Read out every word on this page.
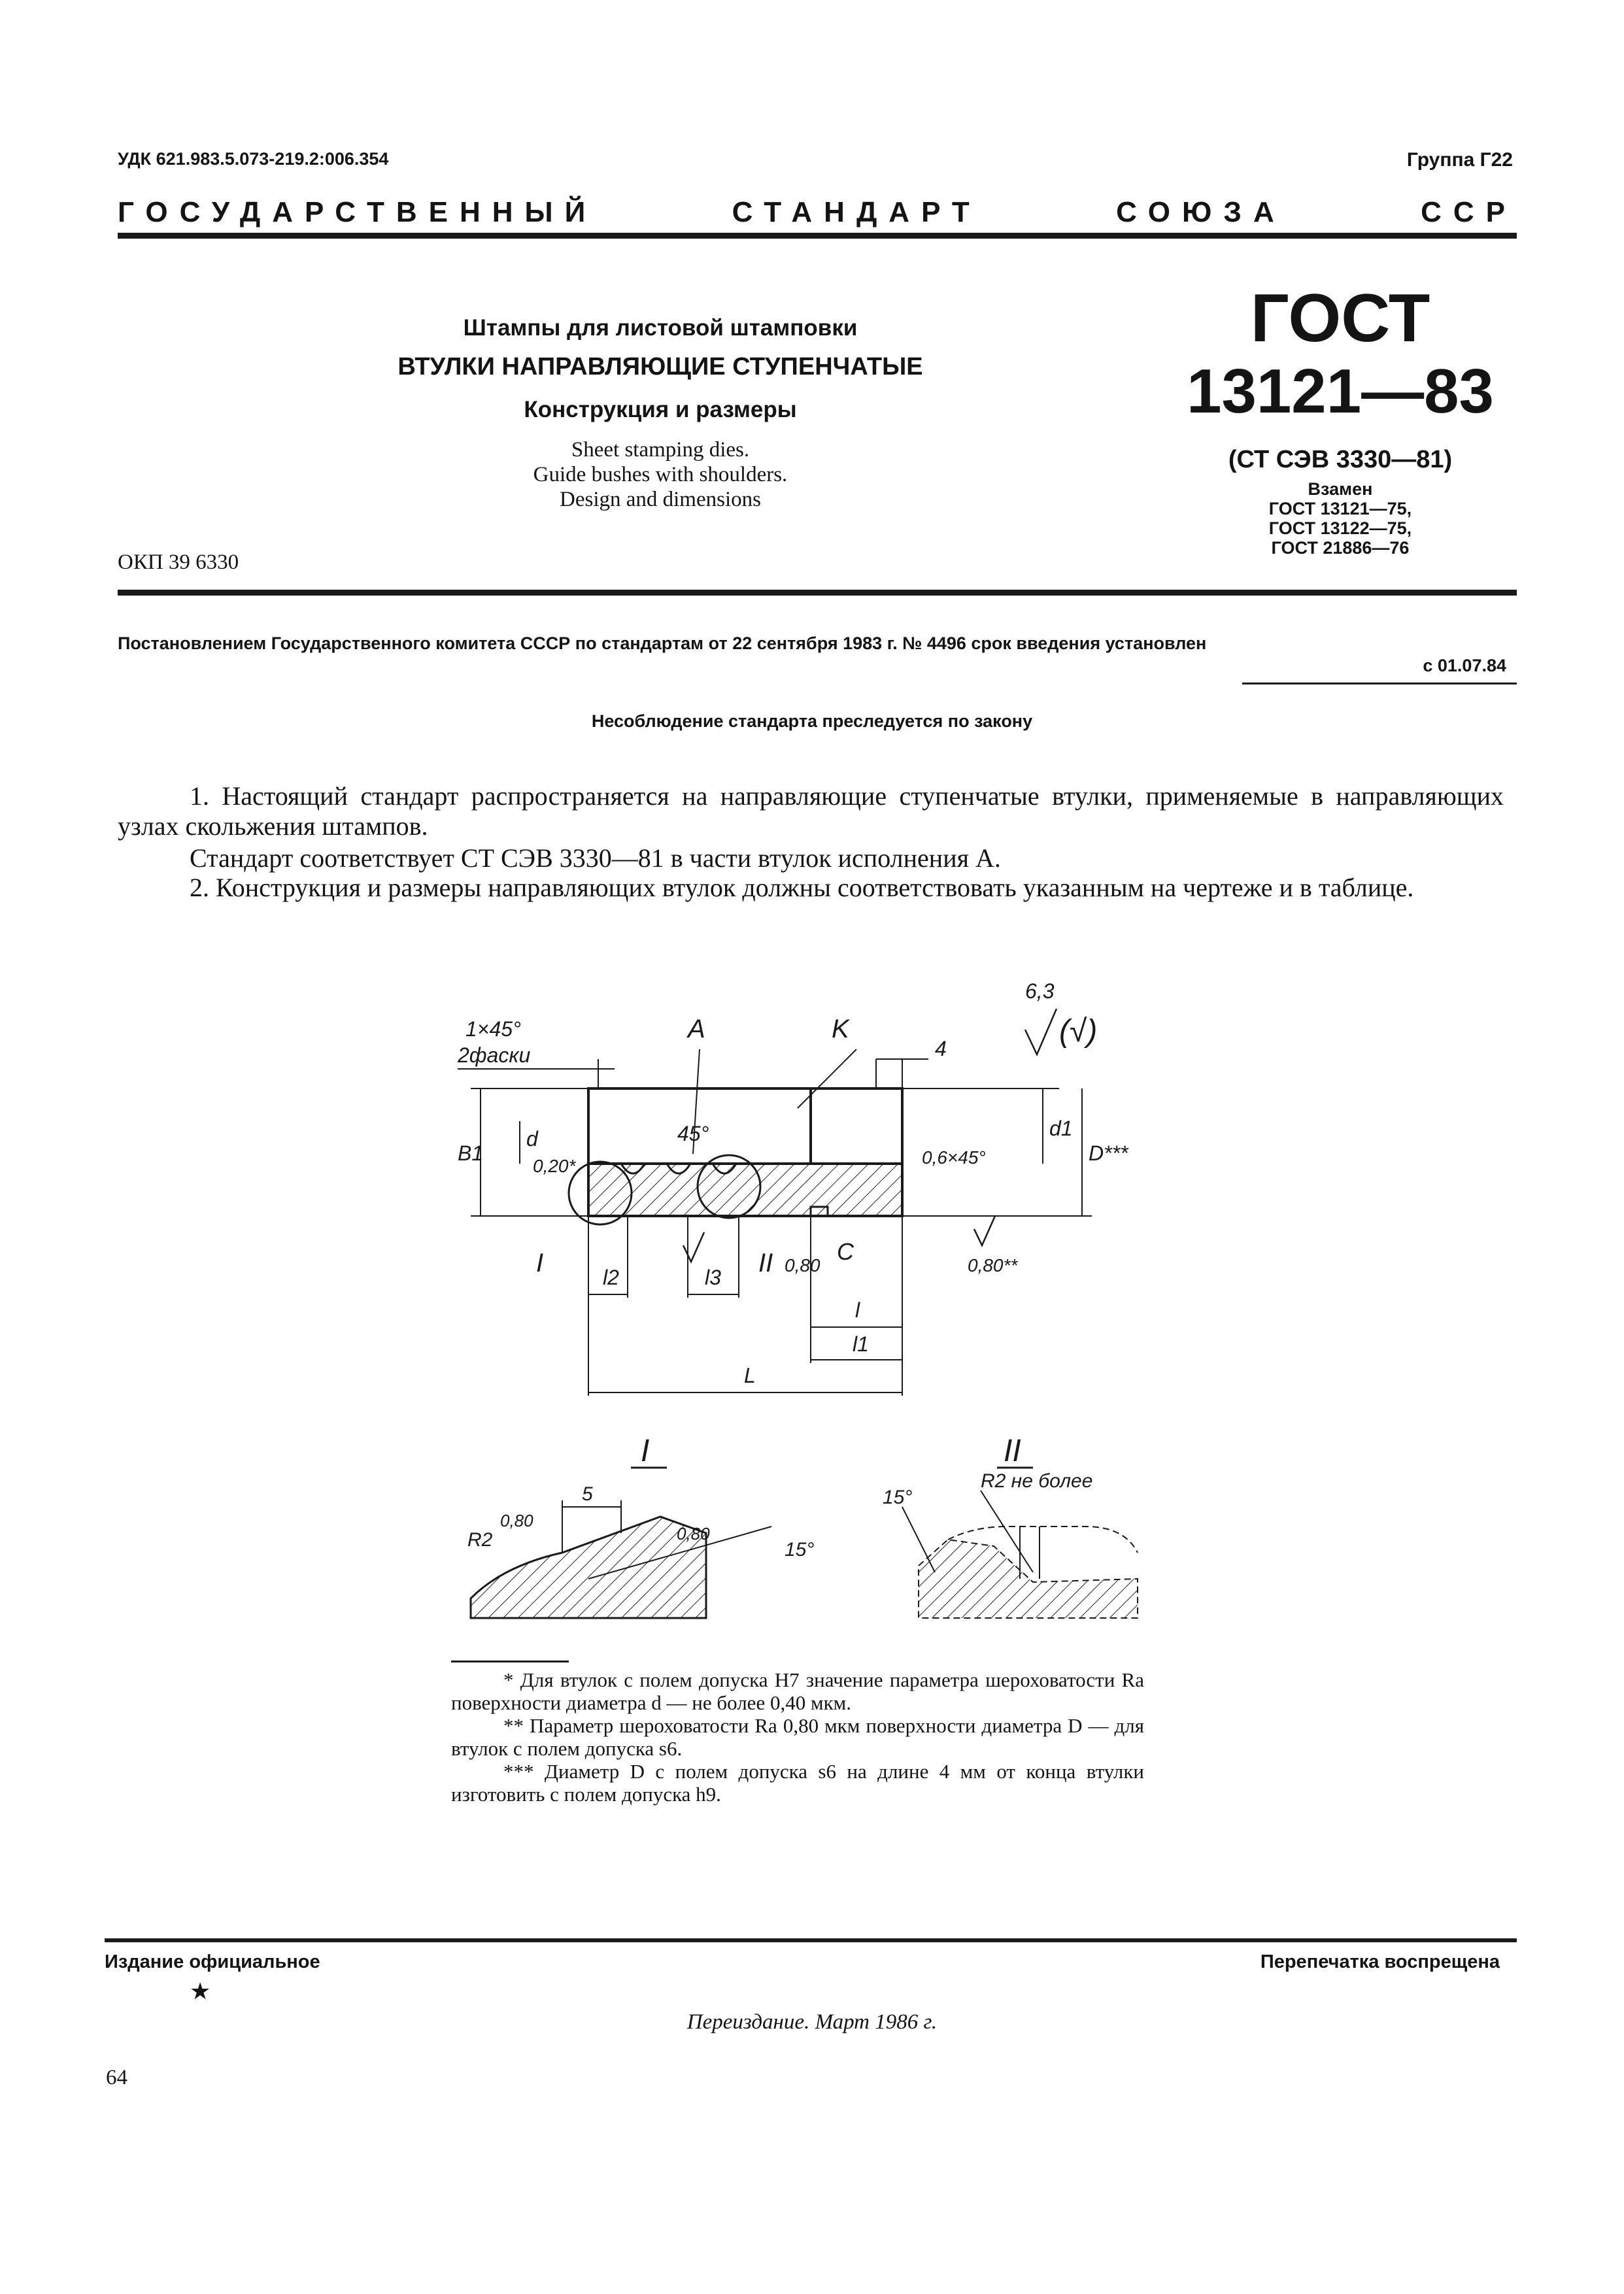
УДК 621.983.5.073-219.2:006.354	Группа Г22
ГОСУДАРСТВЕННЫЙ	СТАНДАРТ	СОЮЗА	ССР
Штампы для листовой штамповки
ВТУЛКИ НАПРАВЛЯЮЩИЕ СТУПЕНЧАТЫЕ
Конструкция и размеры
Sheet stamping dies.
Guide bushes with shoulders.
Design and dimensions
ОКП 39 6330
ГОСТ
13121—83
(СТ СЭВ 3330—81)
Взамен
ГОСТ 13121—75,
ГОСТ 13122—75,
ГОСТ 21886—76
Постановлением Государственного комитета СССР по стандартам от 22 сентября 1983 г. № 4496 срок введения установлен
с 01.07.84
Несоблюдение стандарта преследуется по закону
1. Настоящий стандарт распространяется на направляющие ступенчатые втулки, применяемые в направляющих узлах скольжения штампов.
Стандарт соответствует СТ СЭВ 3330—81 в части втулок исполнения А.
2. Конструкция и размеры направляющих втулок должны соответствовать указанным на чертеже и в таблице.
1×45°
2фаски
A	K
4
6,3
(√)
45°
B1
d
0,20*
d1
D***
0,6×45°
I	II 0,80
C
0,80**
l2	l3
l
l1
L
I
5
R2
0,80
0,80
15°
II
R2 не более
15°

* Для втулок с полем допуска Н7 значение параметра шероховатости Ra поверхности диаметра d — не более 0,40 мкм.

** Параметр шероховатости Ra 0,80 мкм поверхности диаметра D — для втулок с полем допуска s6.

*** Диаметр D с полем допуска s6 на длине 4 мм от конца втулки изготовить с полем допуска h9.

Издание официальное	Перепечатка воспрещена
★
Переиздание. Март 1986 г.
64
